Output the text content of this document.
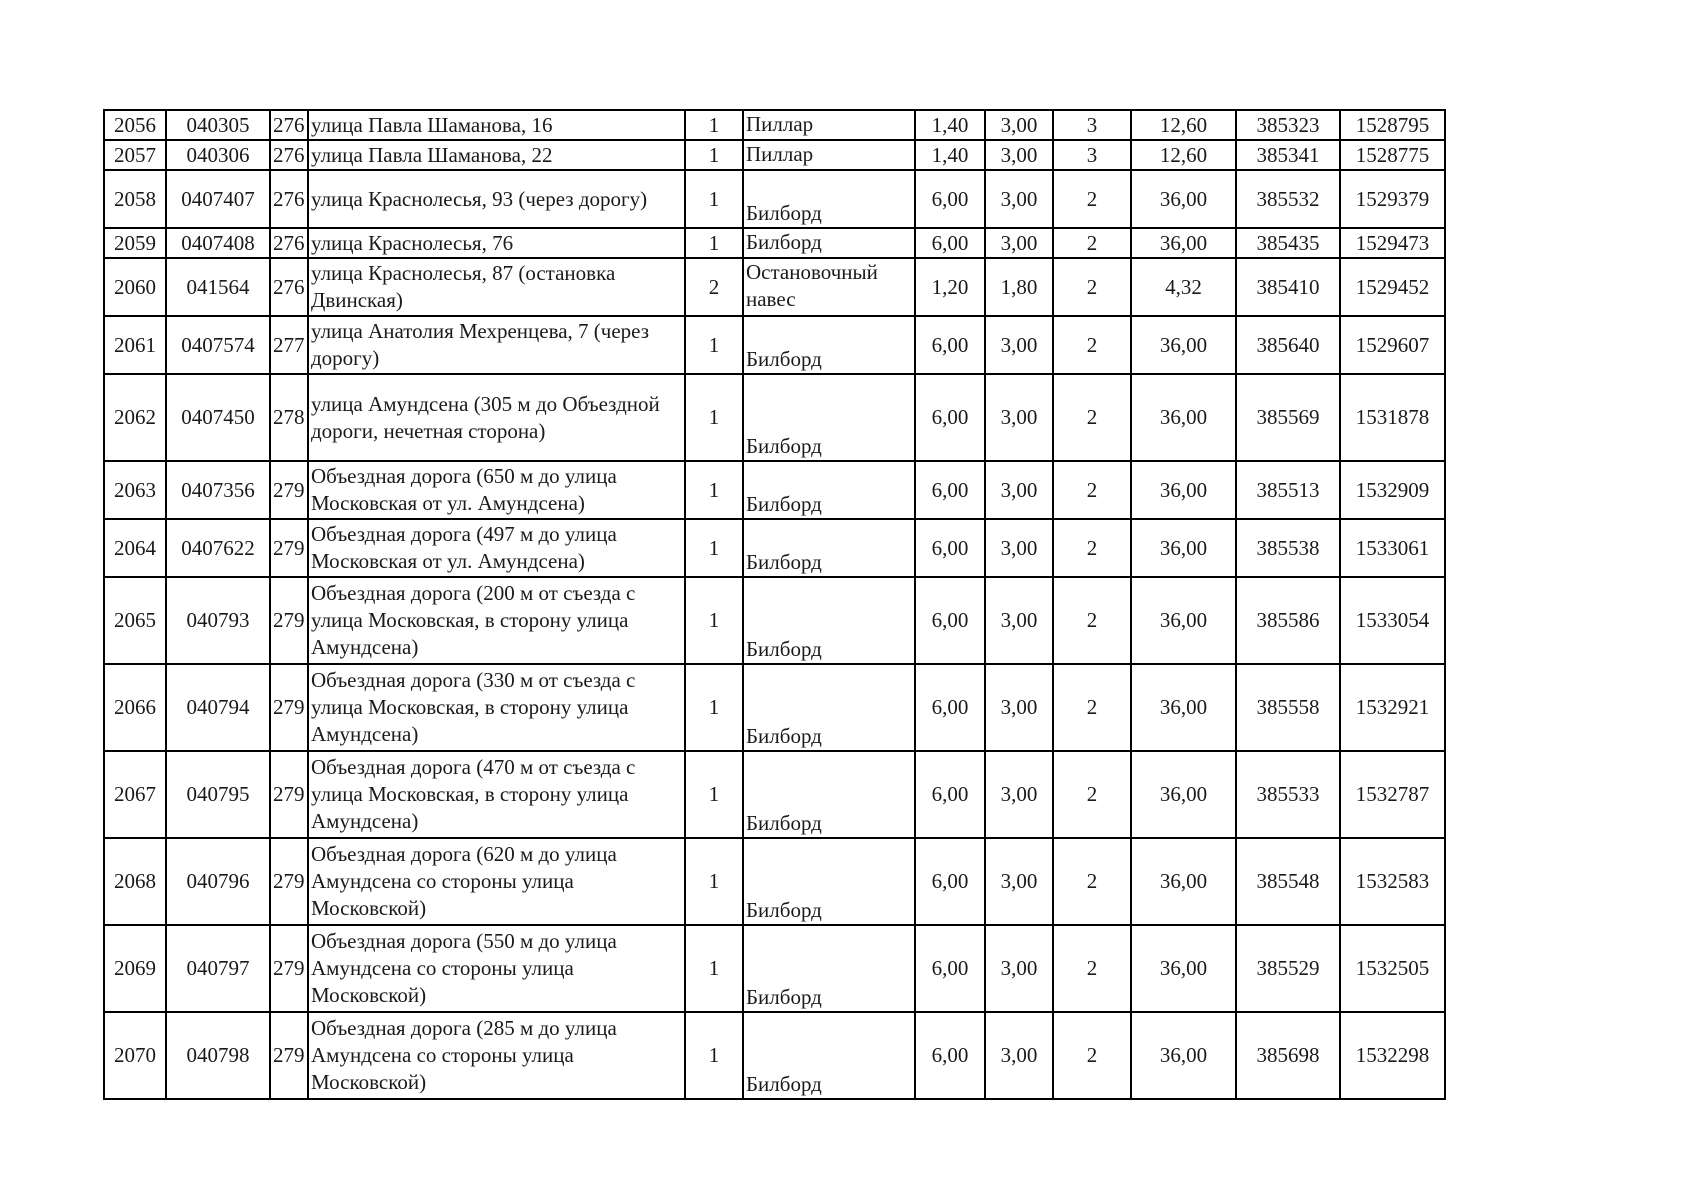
2056	040305	276	улица Павла Шаманова, 16	1	Пиллар	1,40	3,00	3	12,60	385323	1528795
2057	040306	276	улица Павла Шаманова, 22	1	Пиллар	1,40	3,00	3	12,60	385341	1528775
2058	0407407	276	улица Краснолесья, 93 (через дорогу)	1	Билборд	6,00	3,00	2	36,00	385532	1529379
2059	0407408	276	улица Краснолесья, 76	1	Билборд	6,00	3,00	2	36,00	385435	1529473
2060	041564	276	улица Краснолесья, 87 (остановка Двинская)	2	Остановочный навес	1,20	1,80	2	4,32	385410	1529452
2061	0407574	277	улица Анатолия Мехренцева, 7 (через дорогу)	1	Билборд	6,00	3,00	2	36,00	385640	1529607
2062	0407450	278	улица Амундсена (305 м до Объездной дороги, нечетная сторона)	1	Билборд	6,00	3,00	2	36,00	385569	1531878
2063	0407356	279	Объездная дорога (650 м до улица Московская от ул. Амундсена)	1	Билборд	6,00	3,00	2	36,00	385513	1532909
2064	0407622	279	Объездная дорога (497 м до улица Московская от ул. Амундсена)	1	Билборд	6,00	3,00	2	36,00	385538	1533061
2065	040793	279	Объездная дорога (200 м от съезда с улица Московская, в сторону улица Амундсена)	1	Билборд	6,00	3,00	2	36,00	385586	1533054
2066	040794	279	Объездная дорога (330 м от съезда с улица Московская, в сторону улица Амундсена)	1	Билборд	6,00	3,00	2	36,00	385558	1532921
2067	040795	279	Объездная дорога (470 м от съезда с улица Московская, в сторону улица Амундсена)	1	Билборд	6,00	3,00	2	36,00	385533	1532787
2068	040796	279	Объездная дорога (620 м до улица Амундсена со стороны улица Московской)	1	Билборд	6,00	3,00	2	36,00	385548	1532583
2069	040797	279	Объездная дорога (550 м до улица Амундсена со стороны улица Московской)	1	Билборд	6,00	3,00	2	36,00	385529	1532505
2070	040798	279	Объездная дорога (285 м до улица Амундсена со стороны улица Московской)	1	Билборд	6,00	3,00	2	36,00	385698	1532298
